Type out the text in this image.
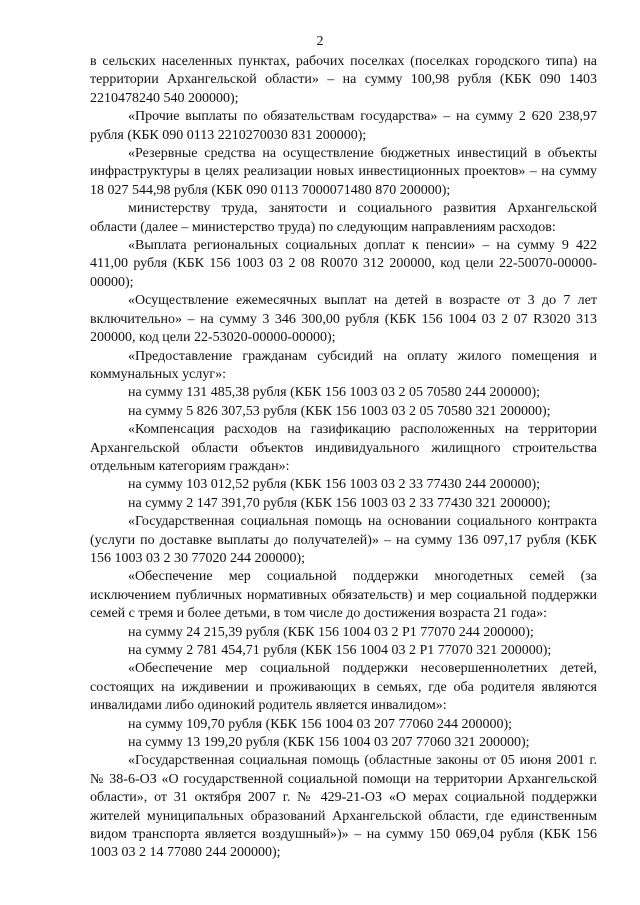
2

в сельских населенных пунктах, рабочих поселках (поселках городского типа) на территории Архангельской области» – на сумму 100,98 рубля (КБК 090 1403 2210478240 540 200000);

«Прочие выплаты по обязательствам государства» – на сумму 2 620 238,97 рубля (КБК 090 0113 2210270030 831 200000);

«Резервные средства на осуществление бюджетных инвестиций в объекты инфраструктуры в целях реализации новых инвестиционных проектов» – на сумму 18 027 544,98 рубля (КБК 090 0113 7000071480 870 200000);

министерству труда, занятости и социального развития Архангельской области (далее – министерство труда) по следующим направлениям расходов:

«Выплата региональных социальных доплат к пенсии» – на сумму 9 422 411,00 рубля (КБК 156 1003 03 2 08 R0070 312 200000, код цели 22-50070-00000-00000);

«Осуществление ежемесячных выплат на детей в возрасте от 3 до 7 лет включительно» – на сумму 3 346 300,00 рубля (КБК 156 1004 03 2 07 R3020 313 200000, код цели 22-53020-00000-00000);

«Предоставление гражданам субсидий на оплату жилого помещения и коммунальных услуг»:

на сумму 131 485,38 рубля (КБК 156 1003 03 2 05 70580 244 200000);

на сумму 5 826 307,53 рубля (КБК 156 1003 03 2 05 70580 321 200000);

«Компенсация расходов на газификацию расположенных на территории Архангельской области объектов индивидуального жилищного строительства отдельным категориям граждан»:

на сумму 103 012,52 рубля (КБК 156 1003 03 2 33 77430 244 200000);

на сумму 2 147 391,70 рубля (КБК 156 1003 03 2 33 77430 321 200000);

«Государственная социальная помощь на основании социального контракта (услуги по доставке выплаты до получателей)» – на сумму 136 097,17 рубля (КБК 156 1003 03 2 30 77020 244 200000);

«Обеспечение мер социальной поддержки многодетных семей (за исключением публичных нормативных обязательств) и мер социальной поддержки семей с тремя и более детьми, в том числе до достижения возраста 21 года»:

на сумму 24 215,39 рубля (КБК 156 1004 03 2 Р1 77070 244 200000);

на сумму 2 781 454,71 рубля (КБК 156 1004 03 2 Р1 77070 321 200000);

«Обеспечение мер социальной поддержки несовершеннолетних детей, состоящих на иждивении и проживающих в семьях, где оба родителя являются инвалидами либо одинокий родитель является инвалидом»:

на сумму 109,70 рубля (КБК 156 1004 03 207 77060 244 200000);

на сумму 13 199,20 рубля (КБК 156 1004 03 207 77060 321 200000);

«Государственная социальная помощь (областные законы от 05 июня 2001 г. № 38-6-ОЗ «О государственной социальной помощи на территории Архангельской области», от 31 октября 2007 г. № 429-21-ОЗ «О мерах социальной поддержки жителей муниципальных образований Архангельской области, где единственным видом транспорта является воздушный»)» – на сумму 150 069,04 рубля (КБК 156 1003 03 2 14 77080 244 200000);
